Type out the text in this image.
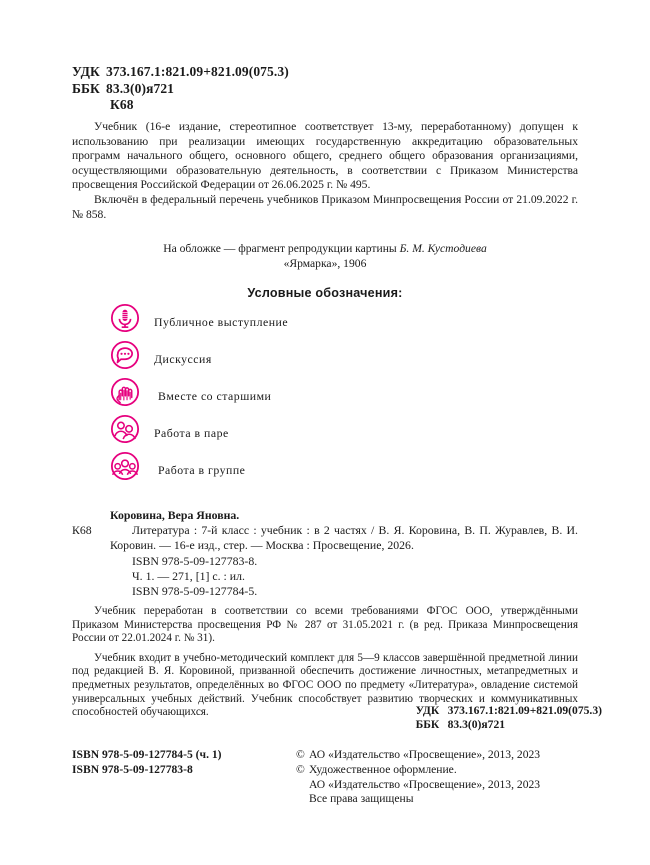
УДК 373.167.1:821.09+821.09(075.3)
ББК 83.3(0)я721
К68

Учебник (16-е издание, стереотипное соответствует 13-му, переработанному) допущен к использованию при реализации имеющих государственную аккредитацию образовательных программ начального общего, основного общего, среднего общего образования организациями, осуществляющими образовательную деятельность, в соответствии с Приказом Министерства просвещения Российской Федерации от 26.06.2025 г. № 495.

Включён в федеральный перечень учебников Приказом Минпросвещения России от 21.09.2022 г. № 858.

На обложке — фрагмент репродукции картины Б. М. Кустодиева
«Ярмарка», 1906
Условные обозначения:
Публичное выступление
Дискуссия
Вместе со старшими
Работа в паре
Работа в группе
Коровина, Вера Яновна.
К68	Литература : 7-й класс : учебник : в 2 частях / В. Я. Коровина, В. П. Журавлев, В. И. Коровин. — 16-е изд., стер. — Москва : Просвещение, 2026.
ISBN 978-5-09-127783-8.
Ч. 1. — 271, [1] с. : ил.
ISBN 978-5-09-127784-5.

Учебник переработан в соответствии со всеми требованиями ФГОС ООО, утверждёнными Приказом Министерства просвещения РФ № 287 от 31.05.2021 г. (в ред. Приказа Минпросвещения России от 22.01.2024 г. № 31).

Учебник входит в учебно-методический комплект для 5—9 классов завершённой предметной линии под редакцией В. Я. Коровиной, призванной обеспечить достижение личностных, метапредметных и предметных результатов, определённых во ФГОС ООО по предмету «Литература», овладение системой универсальных учебных действий. Учебник способствует развитию творческих и коммуникативных способностей обучающихся.	УДК 373.167.1:821.09+821.09(075.3)
ББК 83.3(0)я721
ISBN 978-5-09-127784-5 (ч. 1)
ISBN 978-5-09-127783-8
© АО «Издательство «Просвещение», 2013, 2023
© Художественное оформление.
АО «Издательство «Просвещение», 2013, 2023
Все права защищены
